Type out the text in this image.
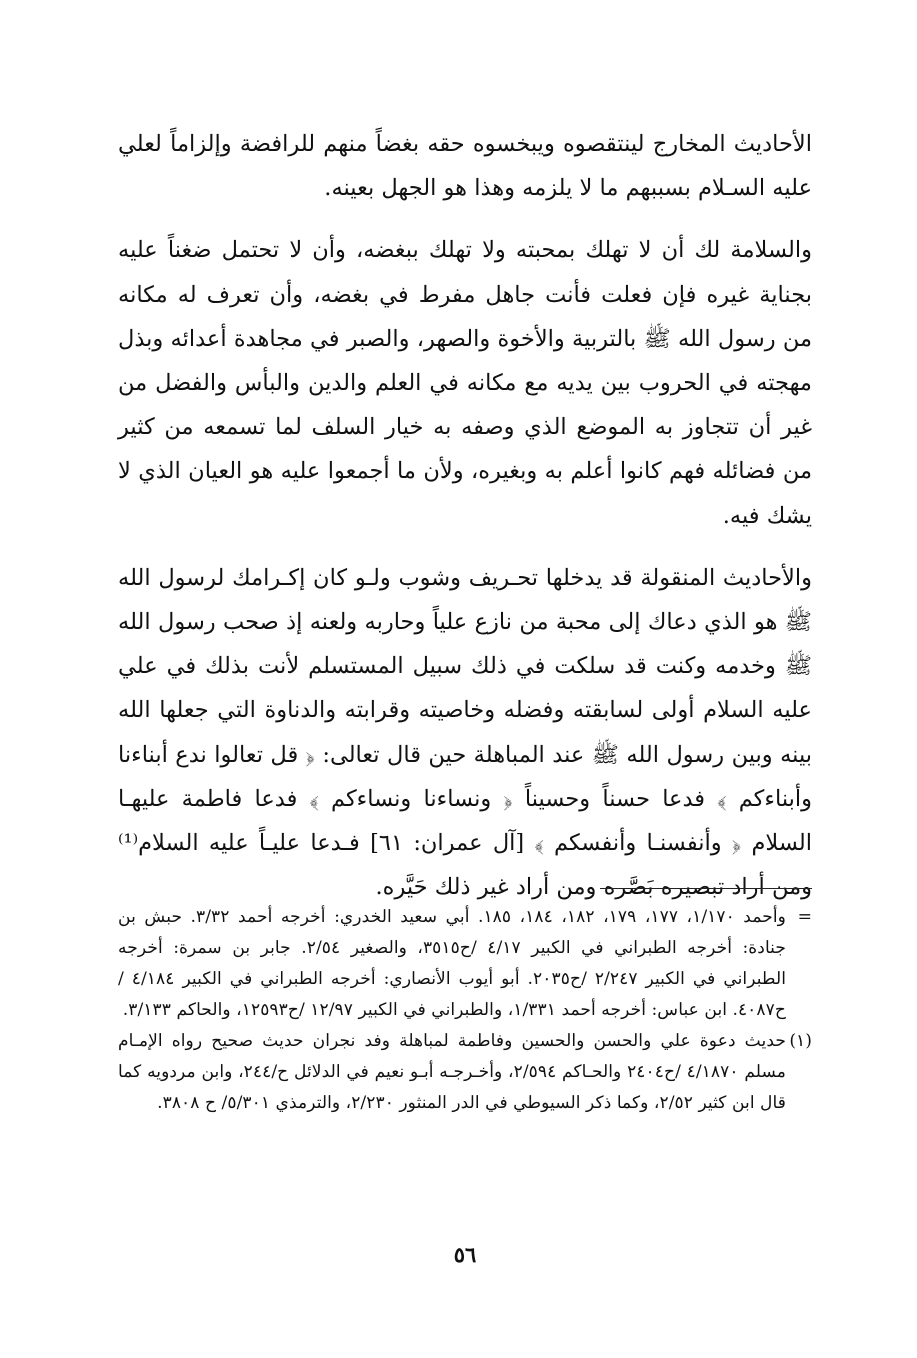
الأحاديث المخارج لينتقصوه ويبخسوه حقه بغضاً منهم للرافضة وإلزاماً لعلي عليه السـلام بسببهم ما لا يلزمه وهذا هو الجهل بعينه.

والسلامة لك أن لا تهلك بمحبته ولا تهلك ببغضه، وأن لا تحتمل ضغناً عليه بجناية غيره فإن فعلت فأنت جاهل مفرط في بغضه، وأن تعرف له مكانه من رسول الله ﷺ بالتربية والأخوة والصهر، والصبر في مجاهدة أعدائه وبذل مهجته في الحروب بين يديه مع مكانه في العلم والدين والبأس والفضل من غير أن تتجاوز به الموضع الذي وصفه به خيار السلف لما تسمعه من كثير من فضائله فهم كانوا أعلم به وبغيره، ولأن ما أجمعوا عليه هو العيان الذي لا يشك فيه.

والأحاديث المنقولة قد يدخلها تحـريف وشوب ولـو كان إكـرامك لرسول الله ﷺ هو الذي دعاك إلى محبة من نازع علياً وحاربه ولعنه إذ صحب رسول الله ﷺ وخدمه وكنت قد سلكت في ذلك سبيل المستسلم لأنت بذلك في علي عليه السلام أولى لسابقته وفضله وخاصيته وقرابته والدناوة التي جعلها الله بينه وبين رسول الله ﷺ عند المباهلة حين قال تعالى: ﴿ قل تعالوا ندع أبناءنا وأبناءكم ﴾ فدعا حسناً وحسيناً ﴿ ونساءنا ونساءكم ﴾ فدعا فاطمة عليهـا السلام ﴿ وأنفسنـا وأنفسكم ﴾ [آل عمران: ٦١] فـدعا عليـاً عليه السلام⁽¹⁾ ومن أراد تبصيره بَصَّره ومن أراد غير ذلك حَيَّره.

=
وأحمد ١/١٧٠، ١٧٧، ١٧٩، ١٨٢، ١٨٤، ١٨٥. أبي سعيد الخدري: أخرجه أحمد ٣/٣٢. حبش بن جنادة: أخرجه الطبراني في الكبير ٤/١٧ /ح٣٥١٥، والصغير ٢/٥٤. جابر بن سمرة: أخرجه الطبراني في الكبير ٢/٢٤٧ /ح٢٠٣٥. أبو أيوب الأنصاري: أخرجه الطبراني في الكبير ٤/١٨٤ /ح٤٠٨٧. ابن عباس: أخرجه أحمد ١/٣٣١، والطبراني في الكبير ١٢/٩٧ /ح١٢٥٩٣، والحاكم ٣/١٣٣.
(١)
حديث دعوة علي والحسن والحسين وفاطمة لمباهلة وفد نجران حديث صحيح رواه الإمـام مسلم ٤/١٨٧٠ /ح٢٤٠٤ والحـاكم ٢/٥٩٤، وأخـرجـه أبـو نعيم في الدلائل ح/٢٤٤، وابن مردويه كما قال ابن كثير ٢/٥٢، وكما ذكر السيوطي في الدر المنثور ٢/٢٣٠، والترمذي ٥/٣٠١/ ح ٣٨٠٨.
٥٦
